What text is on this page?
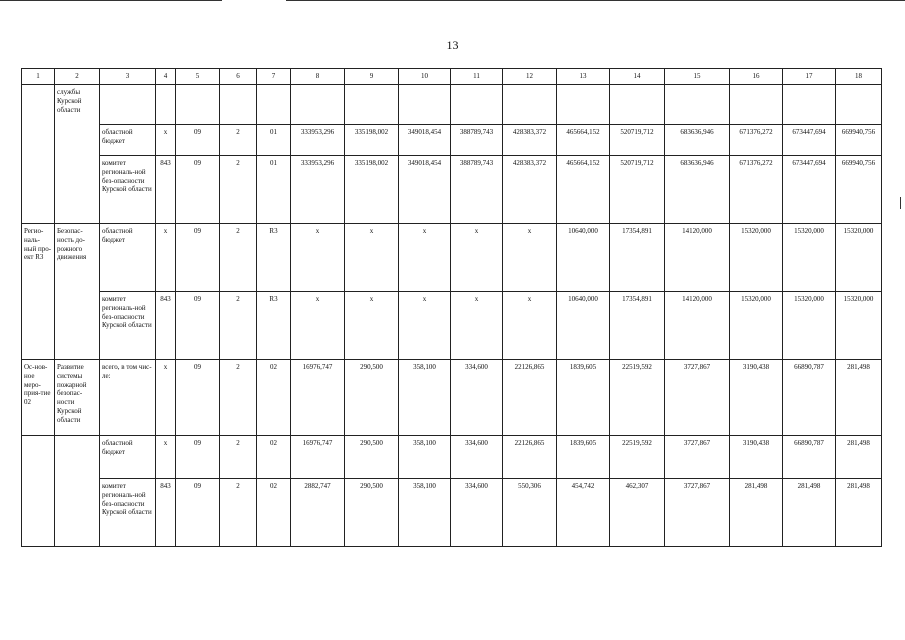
13
1	2	3	4	5	6	7	8	9	10	11	12	13	14	15	16	17	18
	службы Курской области																
		областной бюджет	x	09	2	01	333953,296	335198,002	349018,454	388789,743	428383,372	465664,152	520719,712	683636,946	671376,272	673447,694	669940,756
		комитет региональ-ной без-опасности Курской области	843	09	2	01	333953,296	335198,002	349018,454	388789,743	428383,372	465664,152	520719,712	683636,946	671376,272	673447,694	669940,756
Регио-наль-ный про-ект R3	Безопас-ность до-рожного движения	областной бюджет	x	09	2	R3	x	x	x	x	x	10640,000	17354,891	14120,000	15320,000	15320,000	15320,000
		комитет региональ-ной без-опасности Курской области	843	09	2	R3	x	x	x	x	x	10640,000	17354,891	14120,000	15320,000	15320,000	15320,000
Ос-нов-ное меро-прия-тие 02	Развитие системы пожарной безопас-ности Курской области	всего, в том чис-ле:	x	09	2	02	16976,747	290,500	358,100	334,600	22126,865	1839,605	22519,592	3727,867	3190,438	66890,787	281,498
		областной бюджет	x	09	2	02	16976,747	290,500	358,100	334,600	22126,865	1839,605	22519,592	3727,867	3190,438	66890,787	281,498
		комитет региональ-ной без-опасности Курской области	843	09	2	02	2882,747	290,500	358,100	334,600	550,306	454,742	462,307	3727,867	281,498	281,498	281,498
